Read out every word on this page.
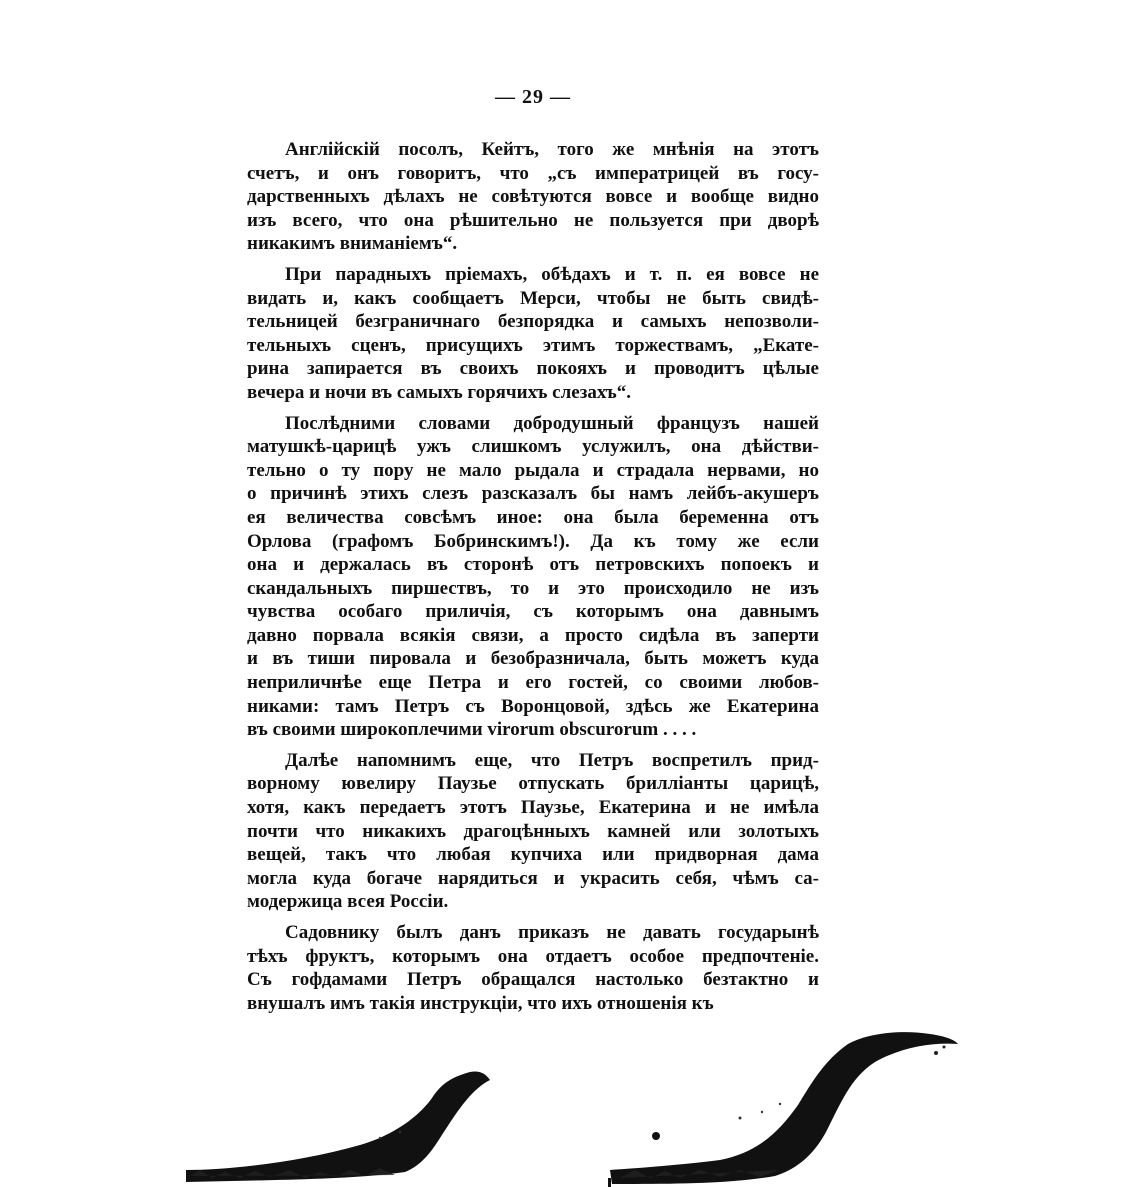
— 29 —
Англійскій посолъ, Кейтъ, того же мнѣнія на этотъ
счетъ, и онъ говоритъ, что „съ императрицей въ госу-
дарственныхъ дѣлахъ не совѣтуются вовсе и вообще видно
изъ всего, что она рѣшительно не пользуется при дворѣ
никакимъ вниманіемъ“.
При парадныхъ пріемахъ, обѣдахъ и т. п. ея вовсе не
видать и, какъ сообщаетъ Мерси, чтобы не быть свидѣ-
тельницей безграничнаго безпорядка и самыхъ непозволи-
тельныхъ сценъ, присущихъ этимъ торжествамъ, „Екате-
рина запирается въ своихъ покояхъ и проводитъ цѣлые
вечера и ночи въ самыхъ горячихъ слезахъ“.
Послѣдними словами добродушный французъ нашей
матушкѣ-царицѣ ужъ слишкомъ услужилъ, она дѣйстви-
тельно о ту пору не мало рыдала и страдала нервами, но
о причинѣ этихъ слезъ разсказалъ бы намъ лейбъ-акушеръ
ея величества совсѣмъ иное: она была беременна отъ
Орлова (графомъ Бобринскимъ!). Да къ тому же если
она и держалась въ сторонѣ отъ петровскихъ попоекъ и
скандальныхъ пиршествъ, то и это происходило не изъ
чувства особаго приличія, съ которымъ она давнымъ
давно порвала всякія связи, а просто сидѣла въ заперти
и въ тиши пировала и безобразничала, быть можетъ куда
неприличнѣе еще Петра и его гостей, со своими любов-
никами: тамъ Петръ съ Воронцовой, здѣсь же Екатерина
въ своими широкоплечими virorum obscurorum . . . .
Далѣе напомнимъ еще, что Петръ воспретилъ прид-
ворному ювелиру Паузье отпускать брилліанты царицѣ,
хотя, какъ передаетъ этотъ Паузье, Екатерина и не имѣла
почти что никакихъ драгоцѣнныхъ камней или золотыхъ
вещей, такъ что любая купчиха или придворная дама
могла куда богаче нарядиться и украсить себя, чѣмъ са-
модержица всея Россіи.
Садовнику былъ данъ приказъ не давать государынѣ
тѣхъ фруктъ, которымъ она отдаетъ особое предпочтеніе.
Съ гофдамами Петръ обращался настолько безтактно и
внушалъ имъ такія инструкціи, что ихъ отношенія къ
